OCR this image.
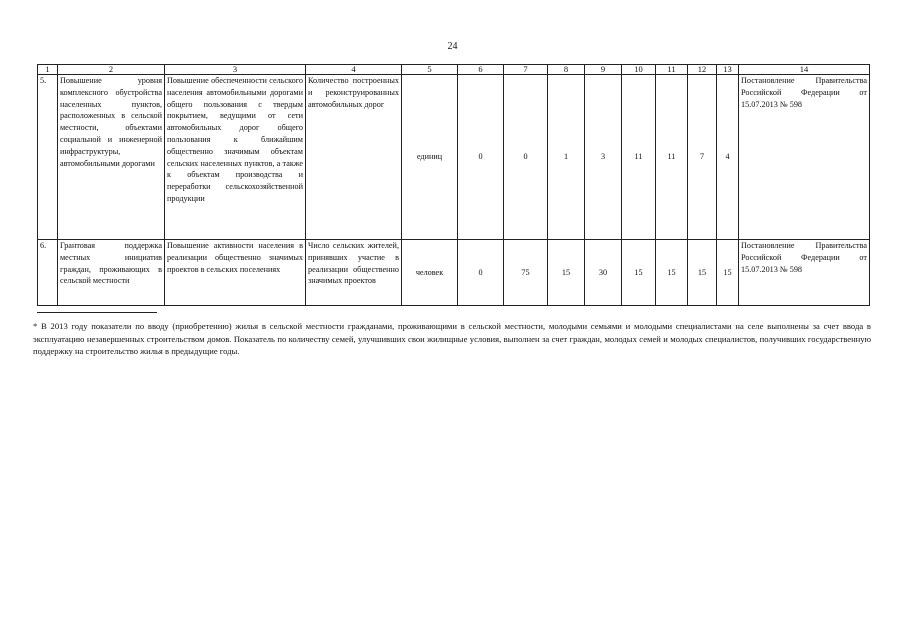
24
1	2	3	4	5	6	7	8	9	10	11	12	13	14
5.	Повышение уровня комплексного обустройства населенных пунктов, расположенных в сельской местности, объектами социальной и инженерной инфраструктуры, автомобильными дорогами	Повышение обеспеченности сельского населения автомобильными дорогами общего пользования с твердым покрытием, ведущими от сети автомобильных дорог общего пользования к ближайшим общественно значимым объектам сельских населенных пунктов, а также к объектам производства и переработки сельскохозяйственной продукции	Количество построенных и реконструированных автомобильных дорог	единиц	0	0	1	3	11	11	7	4	Постановление Правительства Российской Федерации от 15.07.2013 № 598
6.	Грантовая поддержка местных инициатив граждан, проживающих в сельской местности	Повышение активности населения в реализации общественно значимых проектов в сельских поселениях	Число сельских жителей, принявших участие в реализации общественно значимых проектов	человек	0	75	15	30	15	15	15	15	Постановление Правительства Российской Федерации от 15.07.2013 № 598
* В 2013 году показатели по вводу (приобретению) жилья в сельской местности гражданами, проживающими в сельской местности, молодыми семьями и молодыми специалистами на селе выполнены за счет ввода в эксплуатацию незавершенных строительством домов. Показатель по количеству семей, улучшивших свои жилищные условия, выполнен за счет граждан, молодых семей и молодых специалистов, получивших государственную поддержку на строительство жилья в предыдущие годы.
